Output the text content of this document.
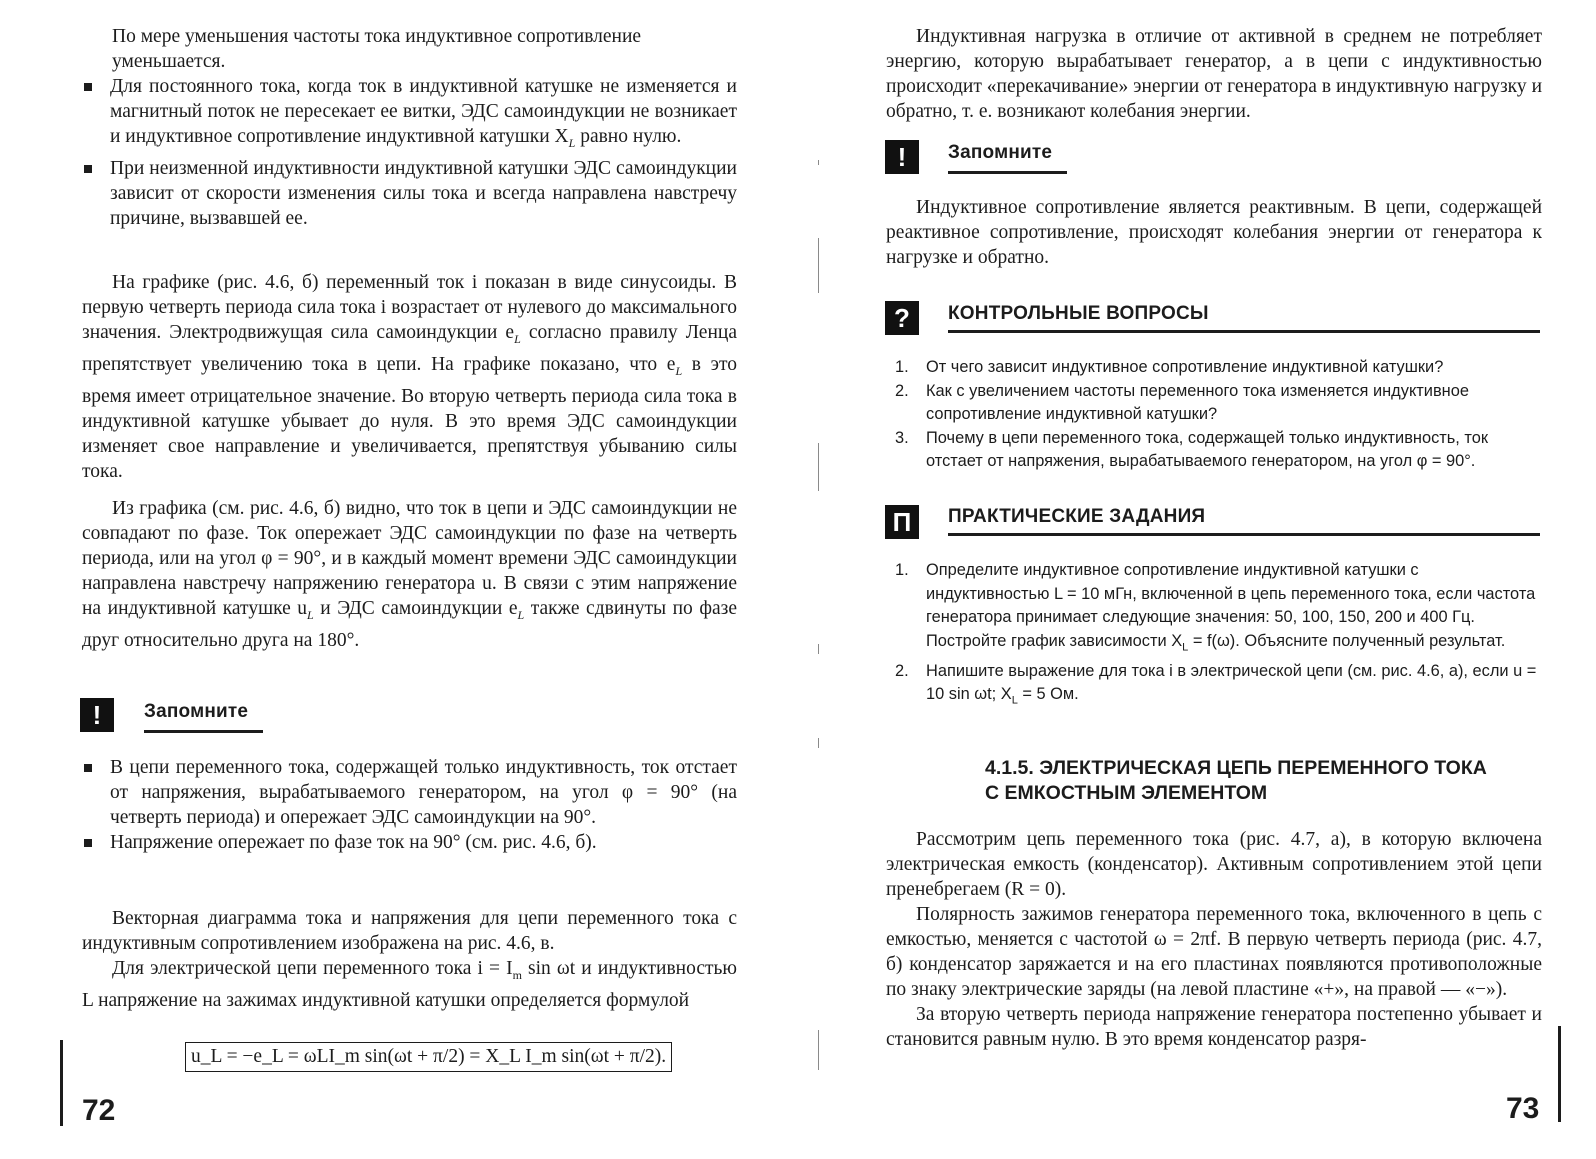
По мере уменьшения частоты тока индуктивное сопротивление

уменьшается.

Для постоянного тока, когда ток в индуктивной катушке не изменяется и магнитный поток не пересекает ее витки, ЭДС самоиндукции не возникает и индуктивное сопротивление индуктивной катушки $X_L$ равно нулю.
При неизменной индуктивности индуктивной катушки ЭДС самоиндукции зависит от скорости изменения силы тока и всегда направлена навстречу причине, вызвавшей ее.
На графике (рис. 4.6, б) переменный ток i показан в виде синусоиды. В первую четверть периода сила тока i возрастает от нулевого до максимального значения. Электродвижущая сила самоиндукции $e_L$ согласно правилу Ленца препятствует увеличению тока в цепи. На графике показано, что $e_L$ в это время имеет отрицательное значение. Во вторую четверть периода сила тока в индуктивной катушке убывает до нуля. В это время ЭДС самоиндукции изменяет свое направление и увеличивается, препятствуя убыванию силы тока.
Из графика (см. рис. 4.6, б) видно, что ток в цепи и ЭДС самоиндукции не совпадают по фазе. Ток опережает ЭДС самоиндукции по фазе на четверть периода, или на угол φ = 90°, и в каждый момент времени ЭДС самоиндукции направлена навстречу напряжению генератора u. В связи с этим напряжение на индуктивной катушке $u_L$ и ЭДС самоиндукции $e_L$ также сдвинуты по фазе друг относительно друга на 180°.
!	Запомните
В цепи переменного тока, содержащей только индуктивность, ток отстает от напряжения, вырабатываемого генератором, на угол φ = 90° (на четверть периода) и опережает ЭДС самоиндукции на 90°.
Напряжение опережает по фазе ток на 90° (см. рис. 4.6, б).
Векторная диаграмма тока и напряжения для цепи переменного тока с индуктивным сопротивлением изображена на рис. 4.6, в.
Для электрической цепи переменного тока $i = I_m$ sin ωt и индуктивностью L напряжение на зажимах индуктивной катушки определяется формулой
u_L = −e_L = ωLI_m sin(ωt + π/2) = X_L I_m sin(ωt + π/2).
72
Индуктивная нагрузка в отличие от активной в среднем не потребляет энергию, которую вырабатывает генератор, а в цепи с индуктивностью происходит «перекачивание» энергии от генератора в индуктивную нагрузку и обратно, т. е. возникают колебания энергии.
!	Запомните
Индуктивное сопротивление является реактивным. В цепи, содержащей реактивное сопротивление, происходят колебания энергии от генератора к нагрузке и обратно.
?	КОНТРОЛЬНЫЕ ВОПРОСЫ
1. От чего зависит индуктивное сопротивление индуктивной катушки?
2. Как с увеличением частоты переменного тока изменяется индуктивное сопротивление индуктивной катушки?
3. Почему в цепи переменного тока, содержащей только индуктивность, ток отстает от напряжения, вырабатываемого генератором, на угол φ = 90°.
П	ПРАКТИЧЕСКИЕ ЗАДАНИЯ
1. Определите индуктивное сопротивление индуктивной катушки с индуктивностью L = 10 мГн, включенной в цепь переменного тока, если частота генератора принимает следующие значения: 50, 100, 150, 200 и 400 Гц. Постройте график зависимости $X_L = f(\omega)$. Объясните полученный результат.
2. Напишите выражение для тока i в электрической цепи (см. рис. 4.6, а), если u = 10 sin ωt; $X_L = 5$ Ом.
4.1.5. ЭЛЕКТРИЧЕСКАЯ ЦЕПЬ ПЕРЕМЕННОГО ТОКА
С ЕМКОСТНЫМ ЭЛЕМЕНТОМ

Рассмотрим цепь переменного тока (рис. 4.7, а), в которую включена электрическая емкость (конденсатор). Активным сопротивлением этой цепи пренебрегаем (R = 0).

Полярность зажимов генератора переменного тока, включенного в цепь с емкостью, меняется с частотой ω = 2πf. В первую четверть периода (рис. 4.7, б) конденсатор заряжается и на его пластинах появляются противоположные по знаку электрические заряды (на левой пластине «+», на правой — «−»).

За вторую четверть периода напряжение генератора постепенно убывает и становится равным нулю. В это время конденсатор разря-

73
